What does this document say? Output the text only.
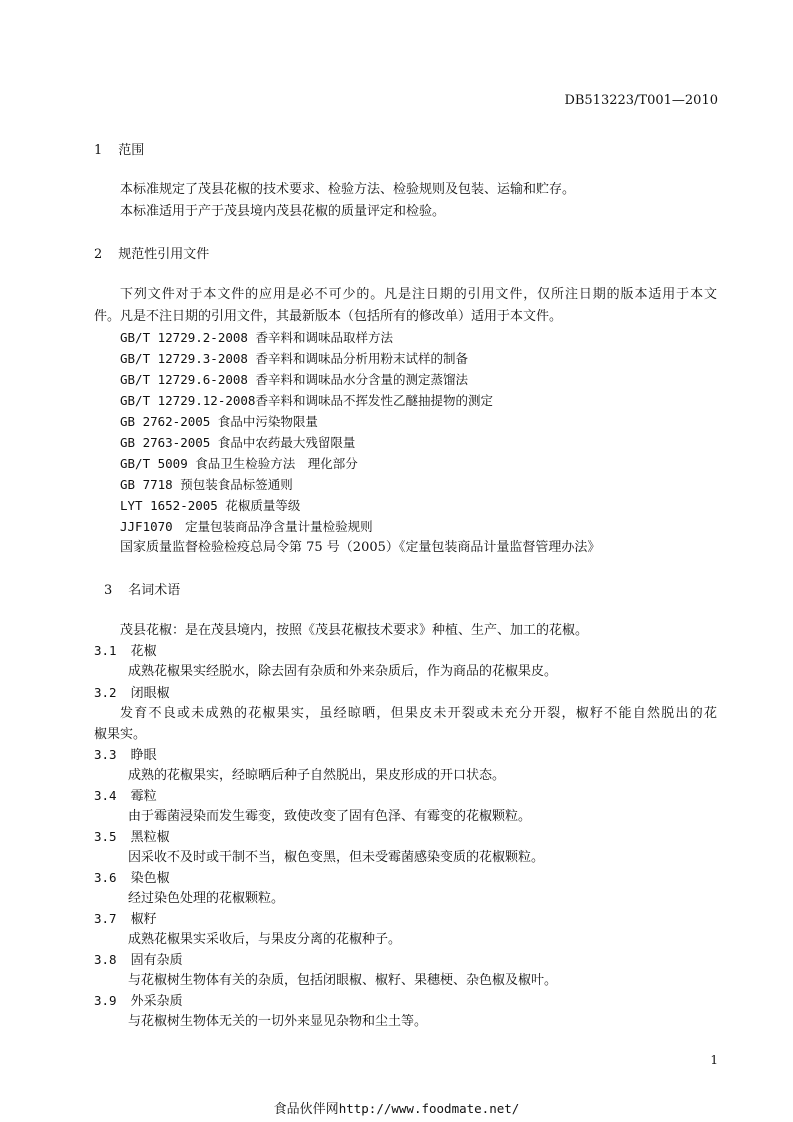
DB513223/T001—2010
1 范围
本标准规定了茂县花椒的技术要求、检验方法、检验规则及包装、运输和贮存。
本标准适用于产于茂县境内茂县花椒的质量评定和检验。
2 规范性引用文件
下列文件对于本文件的应用是必不可少的。凡是注日期的引用文件，仅所注日期的版本适用于本文
件。凡是不注日期的引用文件，其最新版本（包括所有的修改单）适用于本文件。
GB/T 12729.2-2008 香辛料和调味品取样方法
GB/T 12729.3-2008 香辛料和调味品分析用粉末试样的制备
GB/T 12729.6-2008 香辛料和调味品水分含量的测定蒸馏法
GB/T 12729.12-2008香辛料和调味品不挥发性乙醚抽提物的测定
GB 2762-2005 食品中污染物限量
GB 2763-2005 食品中农药最大残留限量
GB/T 5009 食品卫生检验方法　理化部分
GB 7718 预包装食品标签通则
LYT 1652-2005 花椒质量等级
JJF1070　定量包装商品净含量计量检验规则
国家质量监督检验检疫总局令第 75 号（2005）《定量包装商品计量监督管理办法》
3 名词术语
茂县花椒：是在茂县境内，按照《茂县花椒技术要求》种植、生产、加工的花椒。
3.1 花椒
成熟花椒果实经脱水，除去固有杂质和外来杂质后，作为商品的花椒果皮。
3.2 闭眼椒
发育不良或未成熟的花椒果实，虽经晾晒，但果皮未开裂或未充分开裂，椒籽不能自然脱出的花
椒果实。
3.3 睁眼
成熟的花椒果实，经晾晒后种子自然脱出，果皮形成的开口状态。
3.4 霉粒
由于霉菌浸染而发生霉变，致使改变了固有色泽、有霉变的花椒颗粒。
3.5 黑粒椒
因采收不及时或干制不当，椒色变黑，但未受霉菌感染变质的花椒颗粒。
3.6 染色椒
经过染色处理的花椒颗粒。
3.7 椒籽
成熟花椒果实采收后，与果皮分离的花椒种子。
3.8 固有杂质
与花椒树生物体有关的杂质，包括闭眼椒、椒籽、果穗梗、杂色椒及椒叶。
3.9 外采杂质
与花椒树生物体无关的一切外来显见杂物和尘土等。
1
食品伙伴网http://www.foodmate.net/
